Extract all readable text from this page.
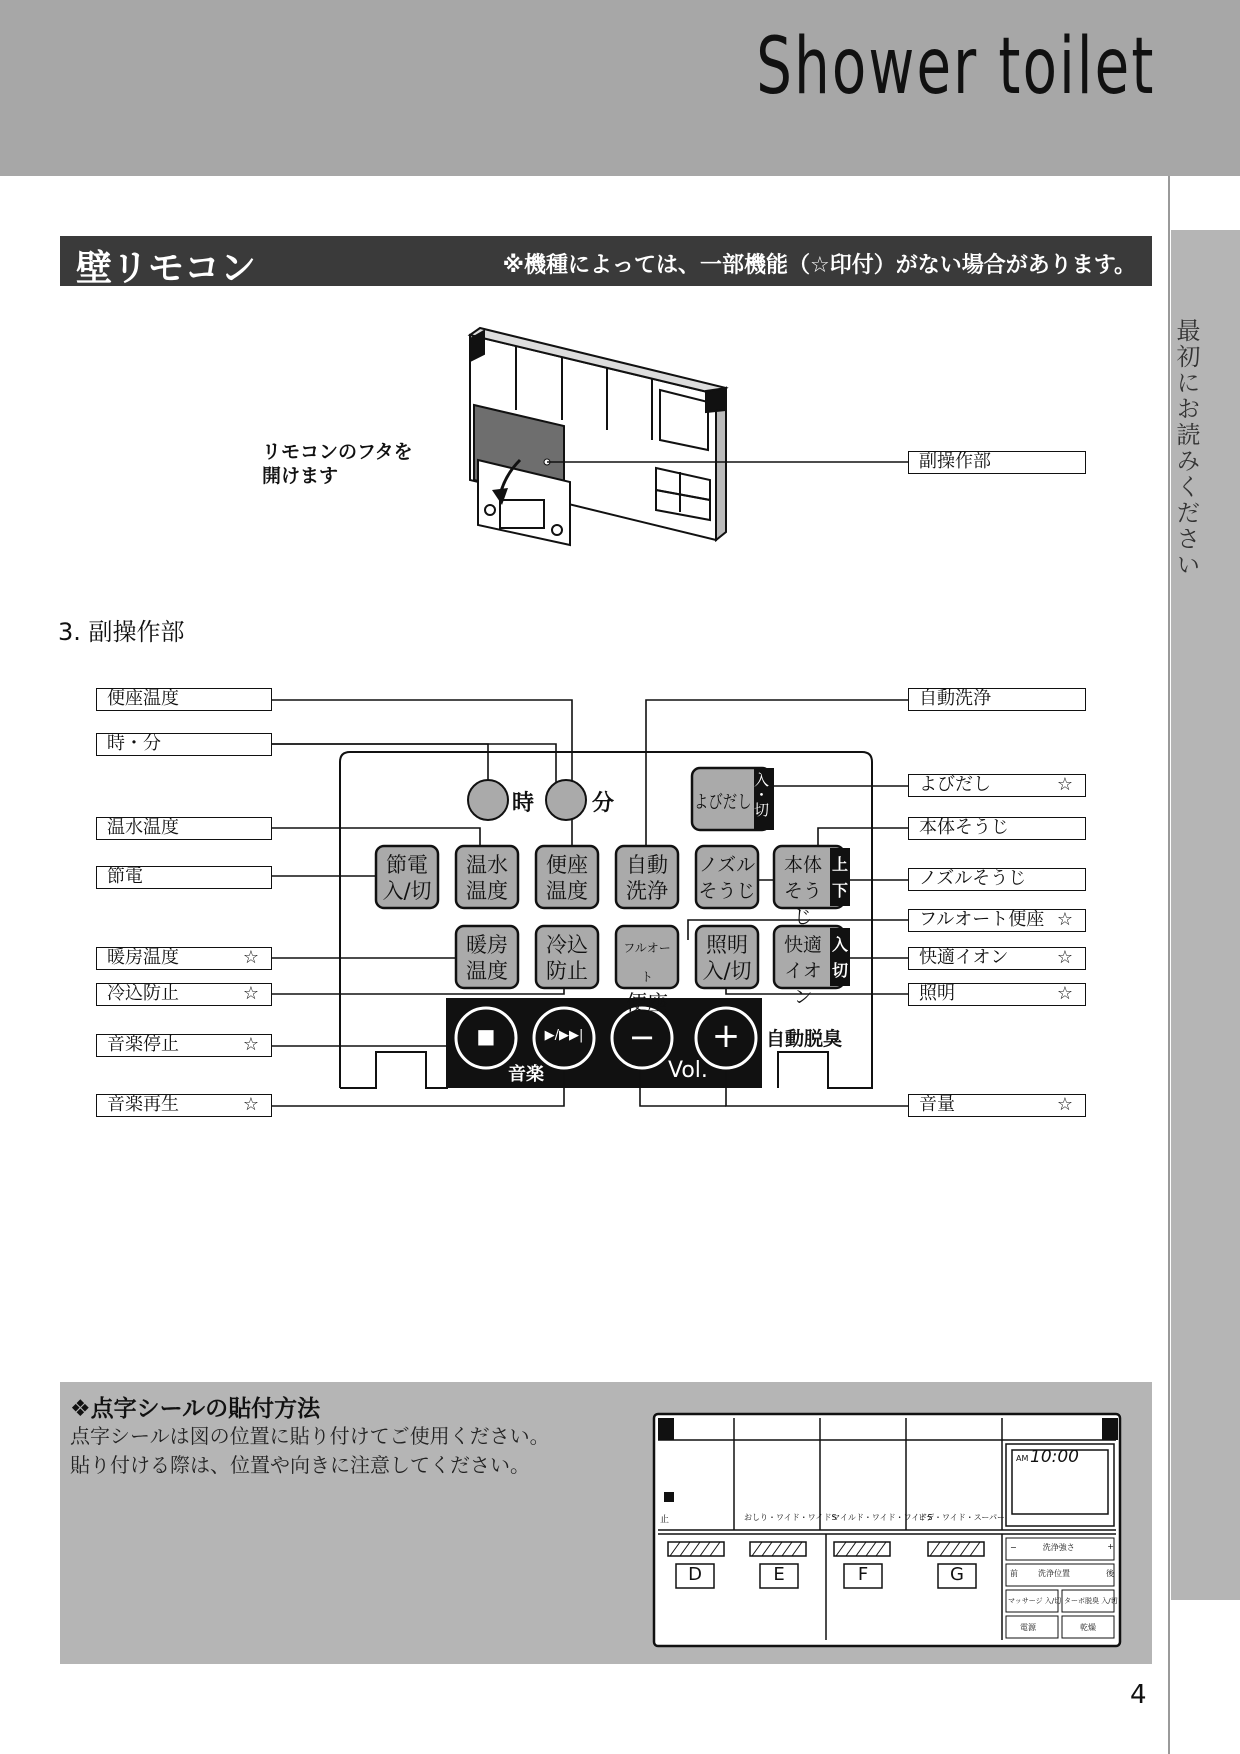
Shower toilet
最初にお読みください
壁リモコン	※機種によっては、一部機能（☆印付）がない場合があります。
リモコンのフタを
開けます
副操作部
3. 副操作部
時	分	よびだし 入・切
節電
入/切
温水
温度
便座
温度
自動
洗浄
ノズル
そうじ
本体
そうじ
上
下
暖房
温度
冷込
防止
フルオート
便座
照明
入/切
快適
イオン
入
切
■	▶/▶▶| − +
音楽	Vol.
自動脱臭
便座温度
時・分
温水温度
節電
暖房温度	☆
冷込防止	☆
音楽停止	☆
音楽再生	☆
自動洗浄
よびだし	☆
本体そうじ
ノズルそうじ
フルオート便座 ☆
快適イオン	☆
照明	☆
音量	☆
❖点字シールの貼付方法
点字シールは図の位置に貼り付けてご使用ください。
貼り付ける際は、位置や向きに注意してください。
D	E	F	G
止	おしり・ワイド・ワイドS
マイルド・ワイド・ワイドS
ビデ・ワイド・スーパー
AM 10:00
−	洗浄強さ	+
前	洗浄位置	後
マッサージ 入/切 ターボ脱臭 入/切
電源	乾燥
4
